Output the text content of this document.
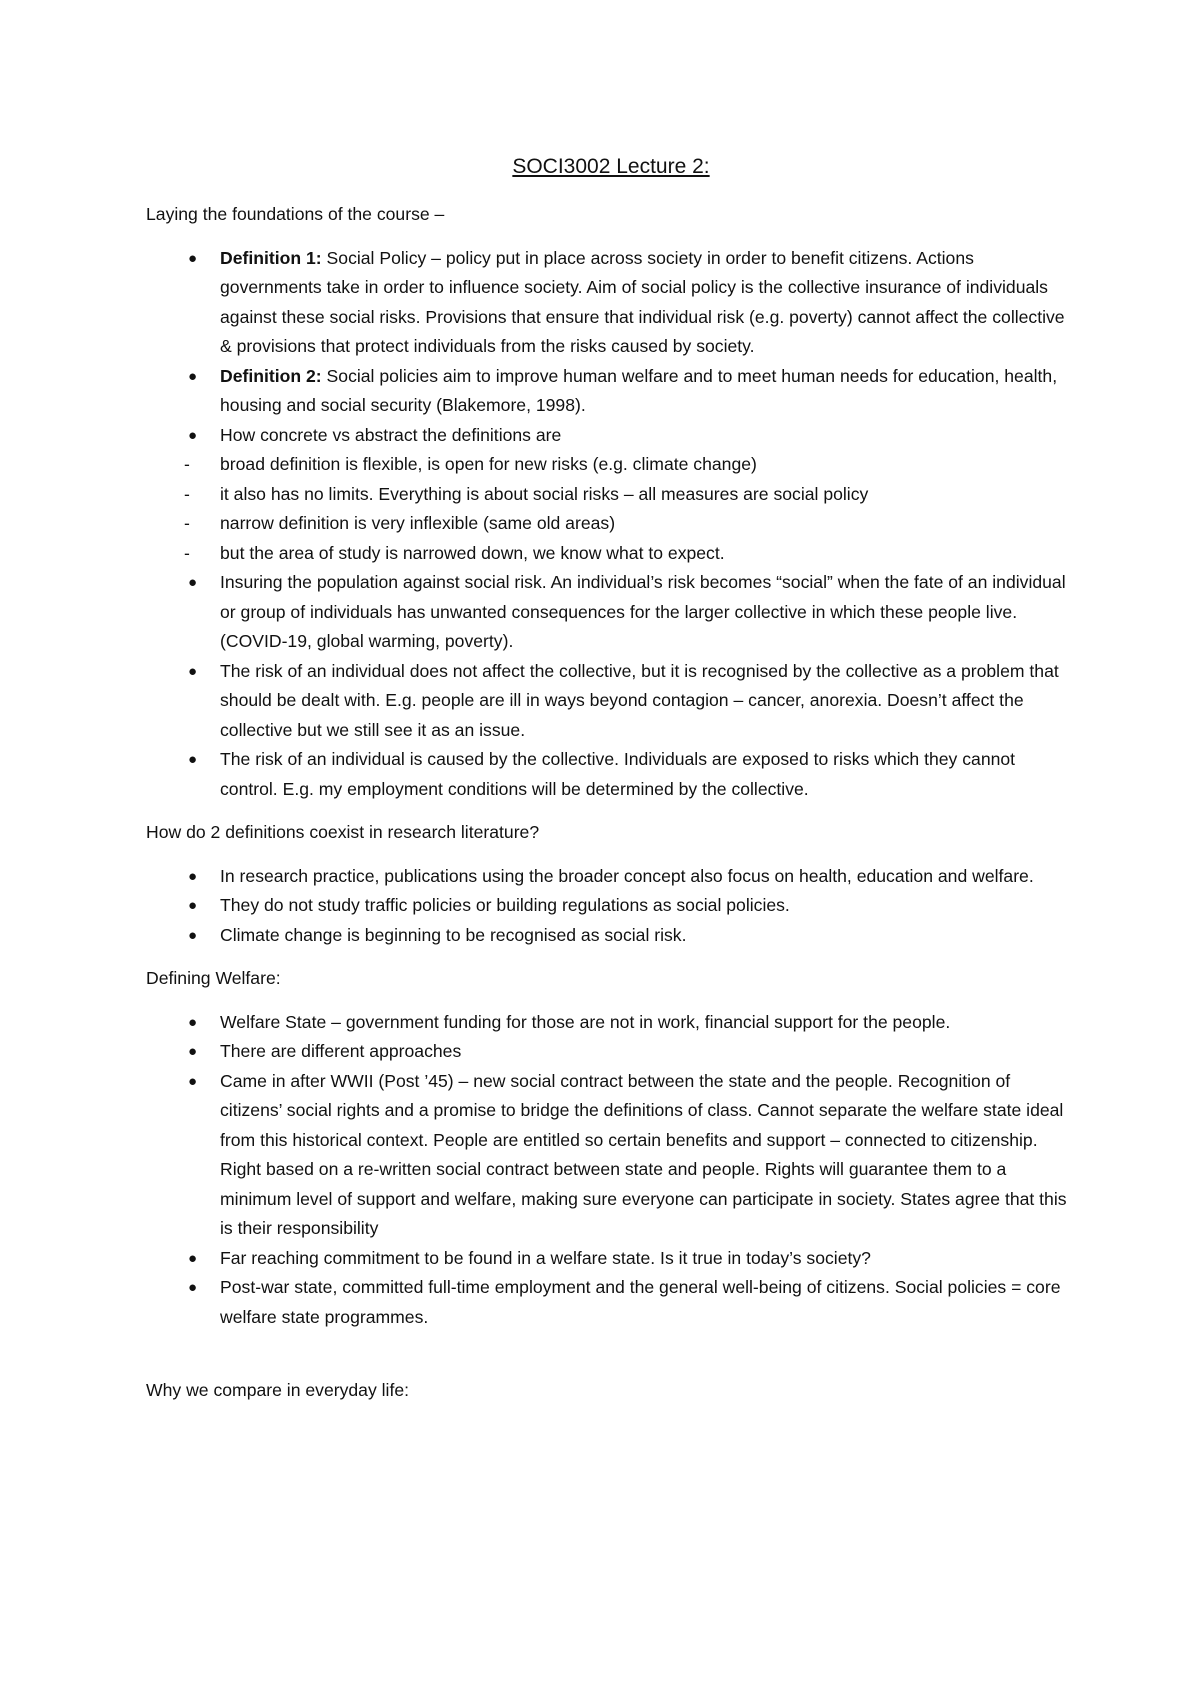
SOCI3002 Lecture 2:

Laying the foundations of the course –

● Definition 1: Social Policy – policy put in place across society in order to benefit citizens. Actions governments take in order to influence society. Aim of social policy is the collective insurance of individuals against these social risks. Provisions that ensure that individual risk (e.g. poverty) cannot affect the collective & provisions that protect individuals from the risks caused by society.
● Definition 2: Social policies aim to improve human welfare and to meet human needs for education, health, housing and social security (Blakemore, 1998).
● How concrete vs abstract the definitions are
- broad definition is flexible, is open for new risks (e.g. climate change)
- it also has no limits. Everything is about social risks – all measures are social policy
- narrow definition is very inflexible (same old areas)
- but the area of study is narrowed down, we know what to expect.
● Insuring the population against social risk. An individual’s risk becomes “social” when the fate of an individual or group of individuals has unwanted consequences for the larger collective in which these people live. (COVID-19, global warming, poverty).
● The risk of an individual does not affect the collective, but it is recognised by the collective as a problem that should be dealt with. E.g. people are ill in ways beyond contagion – cancer, anorexia. Doesn’t affect the collective but we still see it as an issue.
● The risk of an individual is caused by the collective. Individuals are exposed to risks which they cannot control. E.g. my employment conditions will be determined by the collective.

How do 2 definitions coexist in research literature?

● In research practice, publications using the broader concept also focus on health, education and welfare.
● They do not study traffic policies or building regulations as social policies.
● Climate change is beginning to be recognised as social risk.

Defining Welfare:

● Welfare State – government funding for those are not in work, financial support for the people.
● There are different approaches
● Came in after WWII (Post ’45) – new social contract between the state and the people. Recognition of citizens’ social rights and a promise to bridge the definitions of class. Cannot separate the welfare state ideal from this historical context. People are entitled so certain benefits and support – connected to citizenship. Right based on a re-written social contract between state and people. Rights will guarantee them to a minimum level of support and welfare, making sure everyone can participate in society. States agree that this is their responsibility
● Far reaching commitment to be found in a welfare state. Is it true in today’s society?
● Post-war state, committed full-time employment and the general well-being of citizens. Social policies = core welfare state programmes.

Why we compare in everyday life:
